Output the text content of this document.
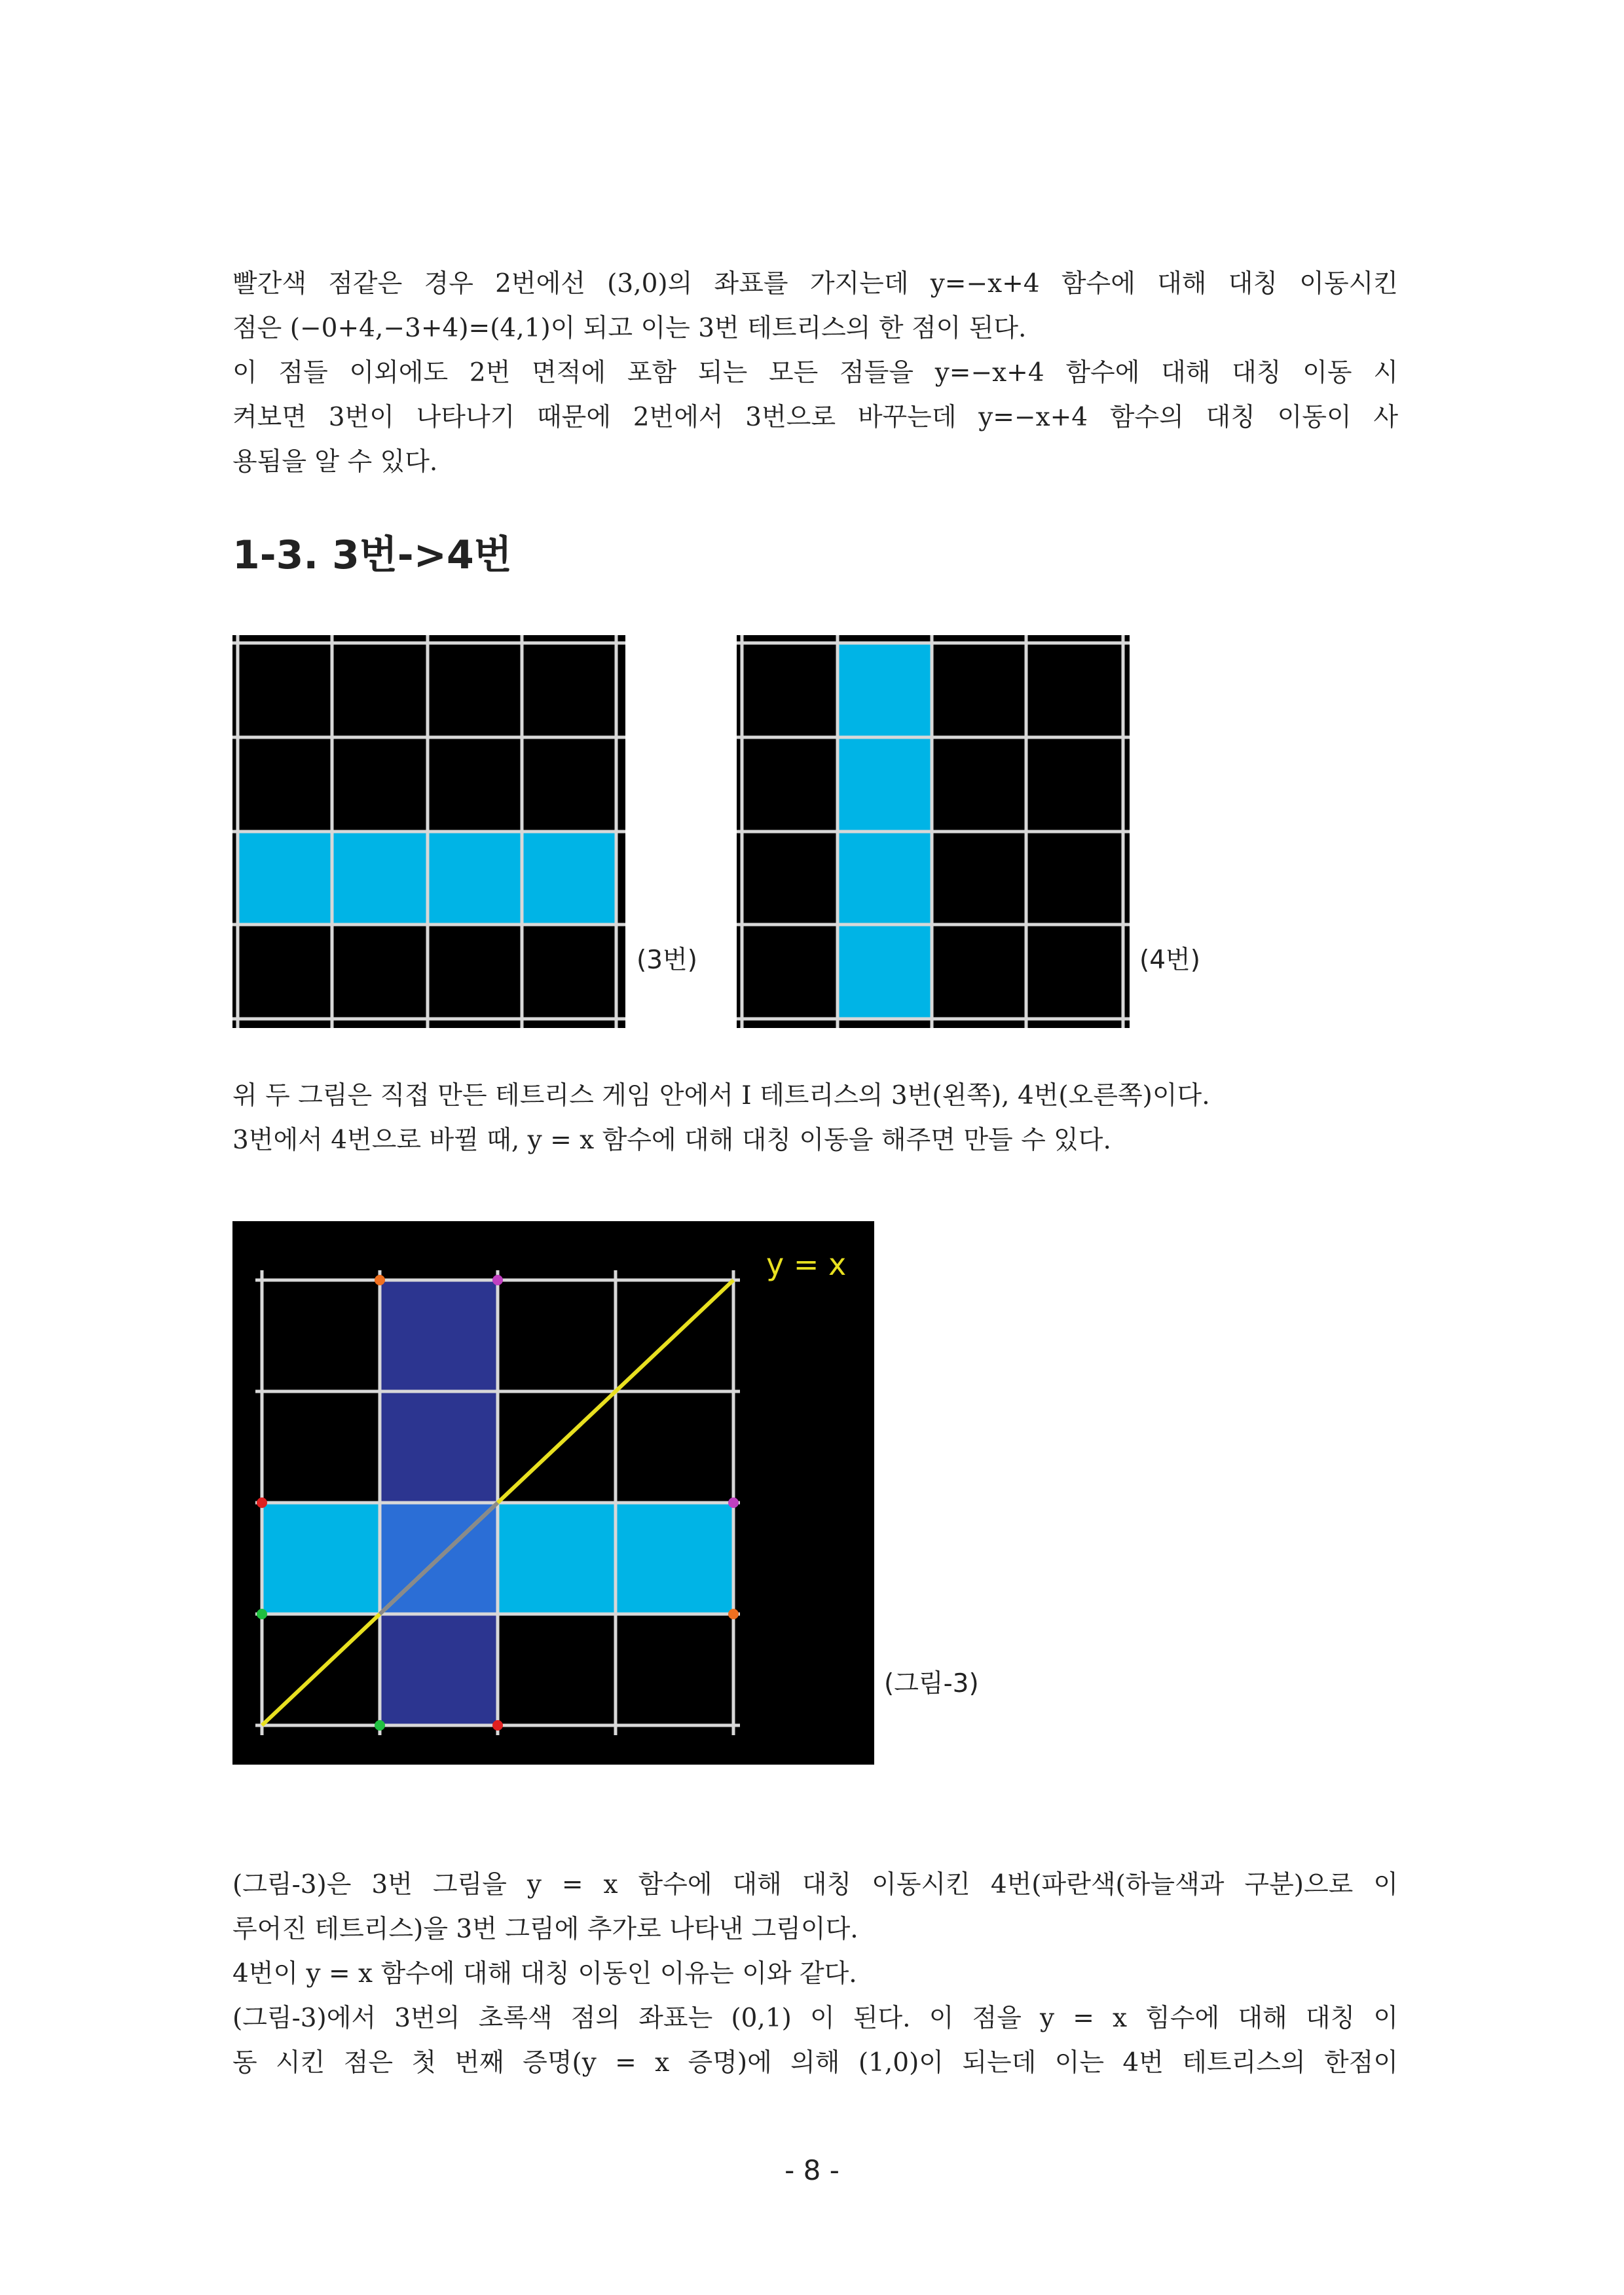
빨간색 점같은 경우 2번에선 (3,0)의 좌표를 가지는데 y=−x+4 함수에 대해 대칭 이동시킨

점은 (−0+4,−3+4)=(4,1)이 되고 이는 3번 테트리스의 한 점이 된다.

이 점들 이외에도 2번 면적에 포함 되는 모든 점들을 y=−x+4 함수에 대해 대칭 이동 시

켜보면 3번이 나타나기 때문에 2번에서 3번으로 바꾸는데 y=−x+4 함수의 대칭 이동이 사

용됨을 알 수 있다.

1-3. 3번->4번
(3번)	(4번)

위 두 그림은 직접 만든 테트리스 게임 안에서 I 테트리스의 3번(왼쪽), 4번(오른쪽)이다.

3번에서 4번으로 바뀔 때, y = x 함수에 대해 대칭 이동을 해주면 만들 수 있다.

y = x
(그림-3)

(그림-3)은 3번 그림을 y = x 함수에 대해 대칭 이동시킨 4번(파란색(하늘색과 구분)으로 이

루어진 테트리스)을 3번 그림에 추가로 나타낸 그림이다.

4번이 y = x 함수에 대해 대칭 이동인 이유는 이와 같다.

(그림-3)에서 3번의 초록색 점의 좌표는 (0,1) 이 된다. 이 점을 y = x 힘수에 대해 대칭 이

동 시킨 점은 첫 번째 증명(y = x 증명)에 의해 (1,0)이 되는데 이는 4번 테트리스의 한점이

- 8 -
